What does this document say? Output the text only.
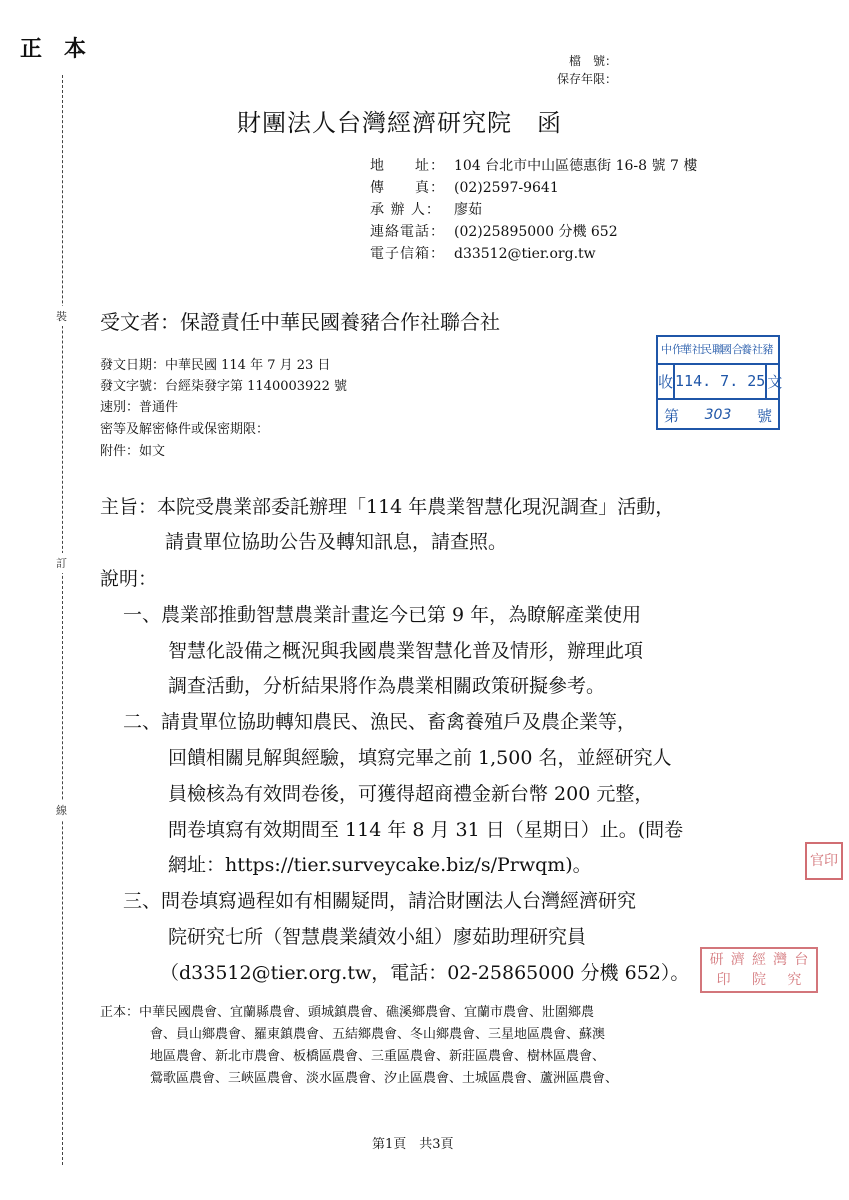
正本
裝
訂
線
檔　號：
保存年限：
財團法人台灣經濟研究院　函
地　　址： 104 台北市中山區德惠街 16-8 號 7 樓
傳　　真： (02)2597-9641
承 辦 人： 廖茹
連絡電話： (02)25895000 分機 652
電子信箱： d33512@tier.org.tw
受文者：保證責任中華民國養豬合作社聯合社
發文日期：中華民國 114 年 7 月 23 日
發文字號：台經柒發字第 1140003922 號
速別：普通件
密等及解密條件或保密期限：
附件：如文
中作
華社
民聯
國合
養社 豬
收 114. 7. 25 文
第 303 號
主旨：本院受農業部委託辦理「114 年農業智慧化現況調查」活動，
請貴單位協助公告及轉知訊息，請查照。
說明：
一、農業部推動智慧農業計畫迄今已第 9 年，為瞭解產業使用
智慧化設備之概況與我國農業智慧化普及情形，辦理此項
調查活動，分析結果將作為農業相關政策研擬參考。
二、請貴單位協助轉知農民、漁民、畜禽養殖戶及農企業等，
回饋相關見解與經驗，填寫完畢之前 1,500 名，並經研究人
員檢核為有效問卷後，可獲得超商禮金新台幣 200 元整，
問卷填寫有效期間至 114 年 8 月 31 日（星期日）止。(問卷
網址：https://tier.surveycake.biz/s/Prwqm)。
三、問卷填寫過程如有相關疑問，請洽財團法人台灣經濟研究
院研究七所（智慧農業績效小組）廖茹助理研究員
（d33512@tier.org.tw，電話：02-25865000 分機 652）。
官印
台
灣
經
濟
研
究
院
印
正本：中華民國農會、宜蘭縣農會、頭城鎮農會、礁溪鄉農會、宜蘭市農會、壯圍鄉農
會、員山鄉農會、羅東鎮農會、五結鄉農會、冬山鄉農會、三星地區農會、蘇澳
地區農會、新北市農會、板橋區農會、三重區農會、新莊區農會、樹林區農會、
鶯歌區農會、三峽區農會、淡水區農會、汐止區農會、土城區農會、蘆洲區農會、
第1頁　共3頁
